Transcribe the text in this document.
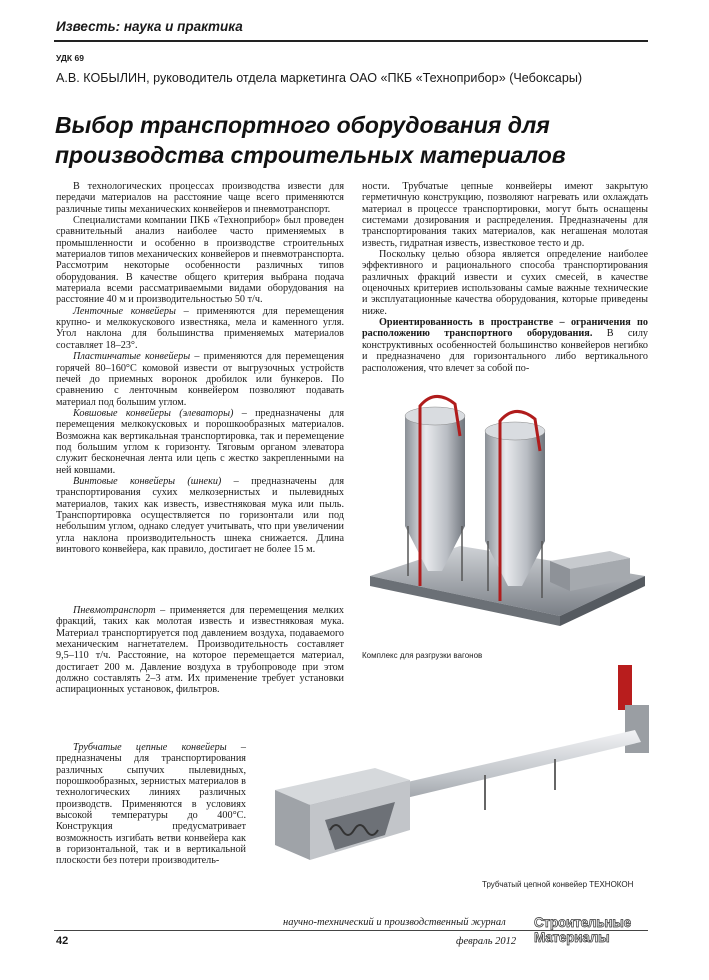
Известь: наука и практика
УДК 69
А.В. КОБЫЛИН, руководитель отдела маркетинга ОАО «ПКБ «Техноприбор» (Чебоксары)
Выбор транспортного оборудования для
производства строительных материалов

В технологических процессах производства извести для передачи материалов на расстояние чаще всего применяются различные типы механических конвейеров и пневмотранспорт.

Специалистами компании ПКБ «Техноприбор» был проведен сравнительный анализ наиболее часто применяемых в промышленности и особенно в производстве строительных материалов типов механических конвейеров и пневмотранспорта. Рассмотрим некоторые особенности различных типов оборудования. В качестве общего критерия выбрана подача материала всеми рассматриваемыми видами оборудования на расстояние 40 м и производительностью 50 т/ч.

Ленточные конвейеры – применяются для перемещения крупно- и мелкокускового известняка, мела и каменного угля. Угол наклона для большинства применяемых материалов составляет 18–23°.

Пластинчатые конвейеры – применяются для перемещения горячей 80–160°С комовой извести от выгрузочных устройств печей до приемных воронок дробилок или бункеров. По сравнению с ленточным конвейером позволяют подавать материал под большим углом.

Ковшовые конвейеры (элеваторы) – предназначены для перемещения мелкокусковых и порошкообразных материалов. Возможна как вертикальная транспортировка, так и перемещение под большим углом к горизонту. Тяговым органом элеватора служит бесконечная лента или цепь с жестко закрепленными на ней ковшами.

Винтовые конвейеры (шнеки) – предназначены для транспортирования сухих мелкозернистых и пылевидных материалов, таких как известь, известняковая мука или пыль. Транспортировка осуществляется по горизонтали или под небольшим углом, однако следует учитывать, что при увеличении угла наклона производительность шнека снижается. Длина винтового конвейера, как правило, достигает не более 15 м.

Пневмотранспорт – применяется для перемещения мелких фракций, таких как молотая известь и известняковая мука. Материал транспортируется под давлением воздуха, подаваемого механическим нагнетателем. Производительность составляет 9,5–110 т/ч. Расстояние, на которое перемещается материал, достигает 200 м. Давление воздуха в трубопроводе при этом должно составлять 2–3 атм. Их применение требует установки аспирационных установок, фильтров.

Трубчатые цепные конвейеры – предназначены для транспортирования различных сыпучих пылевидных, порошкообразных, зернистых материалов в технологических линиях различных производств. Применяются в условиях высокой температуры до 400°С. Конструкция предусматривает возможность изгибать ветви конвейера как в горизонтальной, так и в вертикальной плоскости без потери производитель-

ности. Трубчатые цепные конвейеры имеют закрытую герметичную конструкцию, позволяют нагревать или охлаждать материал в процессе транспортировки, могут быть оснащены системами дозирования и распределения. Предназначены для транспортирования таких материалов, как негашеная молотая известь, гидратная известь, известковое тесто и др.

Поскольку целью обзора является определение наиболее эффективного и рационального способа транспортирования различных фракций извести и сухих смесей, в качестве оценочных критериев использованы самые важные технические и эксплуатационные качества оборудования, которые приведены ниже.

Ориентированность в пространстве – ограничения по расположению транспортного оборудования. В силу конструктивных особенностей большинство конвейеров негибко и предназначено для горизонтального либо вертикального расположения, что влечет за собой по-

Комплекс для разгрузки вагонов
Трубчатый цепной конвейер ТЕХНОКОН
научно-технический и производственный журнал
42	февраль 2012
Строительные
Материалы
